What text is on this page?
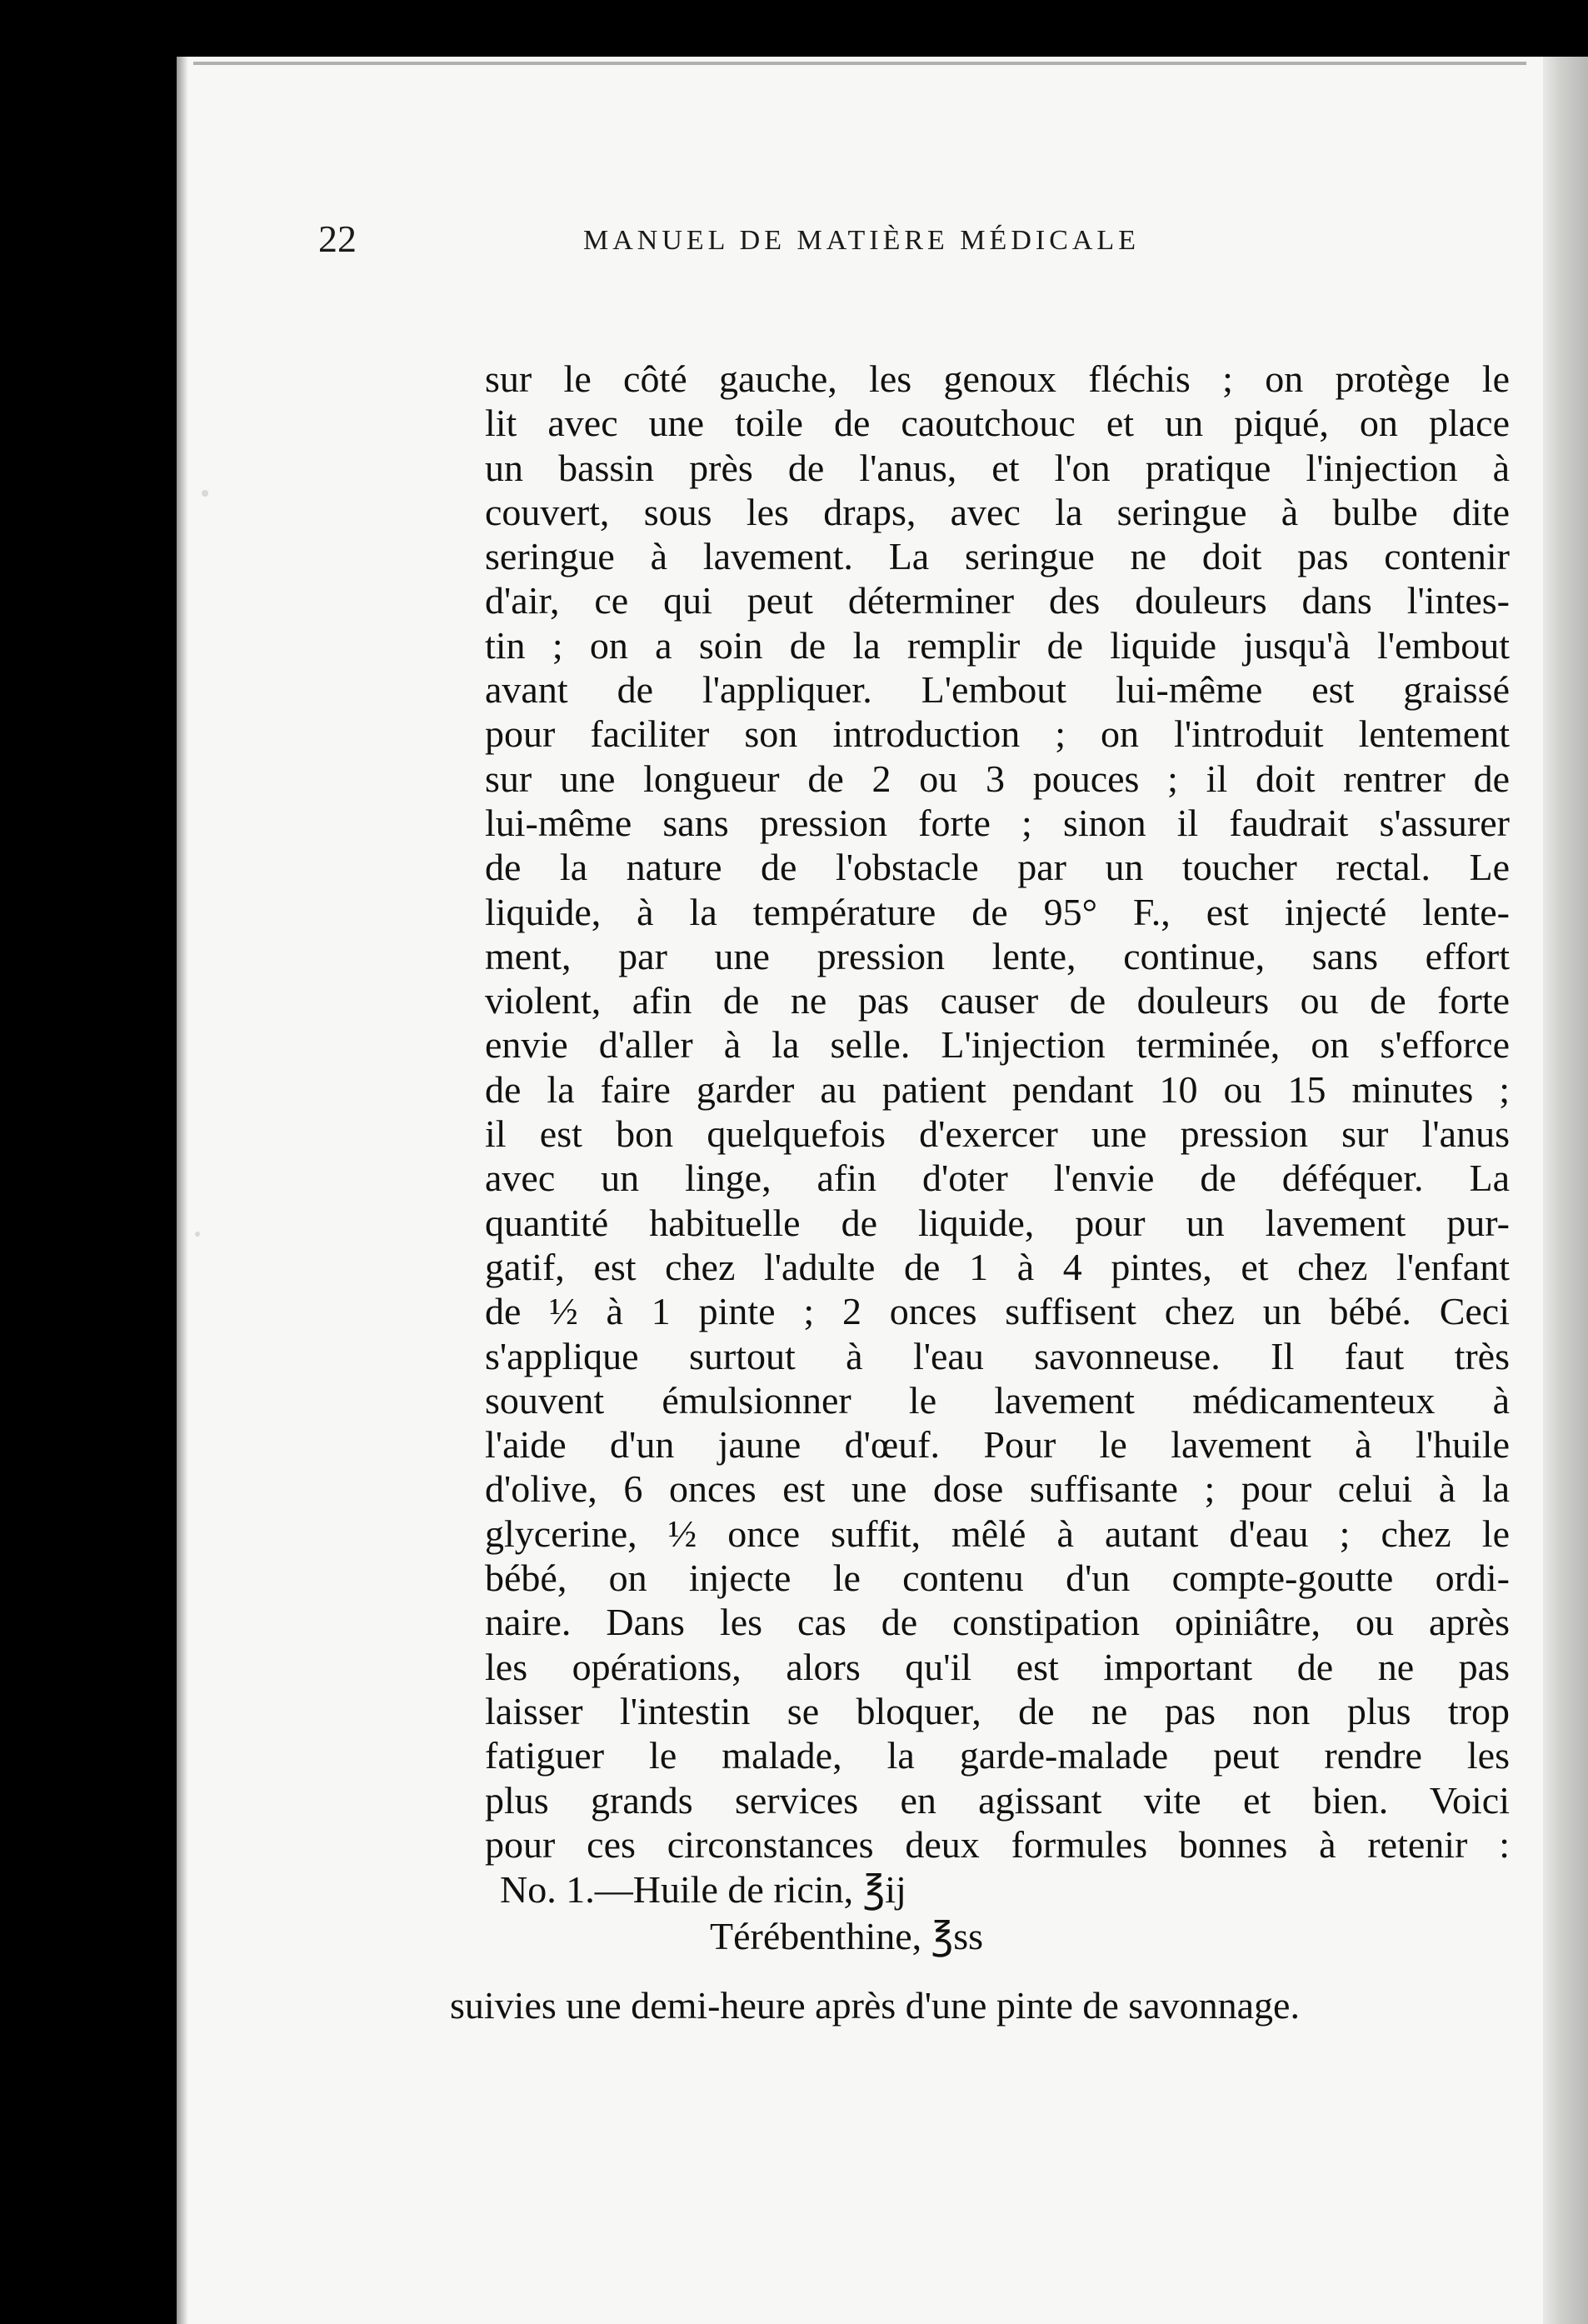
22	MANUEL DE MATIÈRE MÉDICALE
sur le côté gauche, les genoux fléchis ; on protège le
lit avec une toile de caoutchouc et un piqué, on place
un bassin près de l'anus, et l'on pratique l'injection à
couvert, sous les draps, avec la seringue à bulbe dite
seringue à lavement. La seringue ne doit pas contenir
d'air, ce qui peut déterminer des douleurs dans l'intes-
tin ; on a soin de la remplir de liquide jusqu'à l'embout
avant de l'appliquer. L'embout lui-même est graissé
pour faciliter son introduction ; on l'introduit lentement
sur une longueur de 2 ou 3 pouces ; il doit rentrer de
lui-même sans pression forte ; sinon il faudrait s'assurer
de la nature de l'obstacle par un toucher rectal. Le
liquide, à la température de 95° F., est injecté lente-
ment, par une pression lente, continue, sans effort
violent, afin de ne pas causer de douleurs ou de forte
envie d'aller à la selle. L'injection terminée, on s'efforce
de la faire garder au patient pendant 10 ou 15 minutes ;
il est bon quelquefois d'exercer une pression sur l'anus
avec un linge, afin d'oter l'envie de déféquer. La
quantité habituelle de liquide, pour un lavement pur-
gatif, est chez l'adulte de 1 à 4 pintes, et chez l'enfant
de ½ à 1 pinte ; 2 onces suffisent chez un bébé. Ceci
s'applique surtout à l'eau savonneuse. Il faut très
souvent émulsionner le lavement médicamenteux à
l'aide d'un jaune d'œuf. Pour le lavement à l'huile
d'olive, 6 onces est une dose suffisante ; pour celui à la
glycerine, ½ once suffit, mêlé à autant d'eau ; chez le
bébé, on injecte le contenu d'un compte-goutte ordi-
naire. Dans les cas de constipation opiniâtre, ou après
les opérations, alors qu'il est important de ne pas
laisser l'intestin se bloquer, de ne pas non plus trop
fatiguer le malade, la garde-malade peut rendre les
plus grands services en agissant vite et bien. Voici
pour ces circonstances deux formules bonnes à retenir :
No. 1.—Huile de ricin, ℥ij
Térébenthine, ℥ss
suivies une demi-heure après d'une pinte de savonnage.
